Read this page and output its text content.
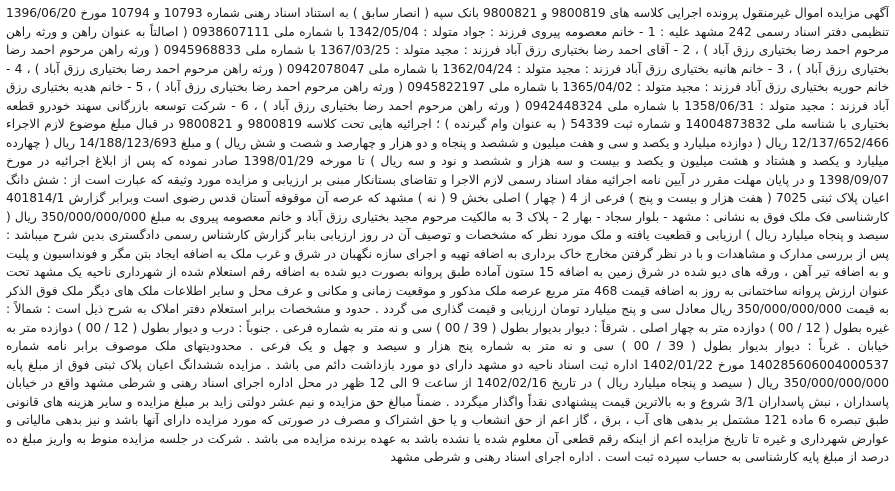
آگهی مزایده اموال غیرمنقول پرونده اجرایی کلاسه های 9800819 و 9800821 بانک سپه ( انصار سابق ) به استناد اسناد رهنی شماره 10793 و 10794 مورخ 1396/06/20 تنظیمی دفتر اسناد رسمی 242 مشهد علیه : 1 - خانم معصومه پیروی فرزند : جواد متولد : 1342/05/04 با شماره ملی 0938607111 ( اصالتاً به عنوان راهن و ورثه راهن مرحوم احمد رضا بختیاری رزق آباد ) ، 2 - آقای احمد رضا بختیاری رزق آباد فرزند : مجید متولد : 1367/03/25 با شماره ملی 0945968833 ( ورثه راهن مرحوم احمد رضا بختیاری رزق آباد ) ، 3 - خانم هانیه بختیاری رزق آباد فرزند : مجید متولد : 1362/04/24 با شماره ملی 0942078047 ( ورثه راهن مرحوم احمد رضا بختیاری رزق آباد ) ، 4 - خانم حوریه بختیاری رزق آباد فرزند : مجید متولد : 1365/04/02 با شماره ملی 0945822197 ( ورثه راهن مرحوم احمد رضا بختیاری رزق آباد ) ، 5 - خانم هدیه بختیاری رزق آباد فرزند : مجید متولد : 1358/06/31 با شماره ملی 0942448324 ( ورثه راهن مرحوم احمد رضا بختیاری رزق آباد ) ، 6 - شرکت توسعه بازرگانی سهند خودرو قطعه بختیاری با شناسه ملی 14004873832 و شماره ثبت 54339 ( به عنوان وام گیرنده ) ؛ اجرائیه هایی تحت کلاسه 9800819 و 9800821 در قبال مبلغ موضوع لازم الاجراء 12/137/652/466 ریال ( دوازده میلیارد و یکصد و سی و هفت میلیون و ششصد و پنجاه و دو هزار و چهارصد و شصت و شش ریال ) و مبلغ 14/188/123/693 ریال ( چهارده میلیارد و یکصد و هشتاد و هشت میلیون و یکصد و بیست و سه هزار و ششصد و نود و سه ریال ) تا مورخه 1398/01/29 صادر نموده که پس از ابلاغ اجرائیه در مورخ 1398/09/07 و در پایان مهلت مقرر در آیین نامه اجرائیه مفاد اسناد رسمی لازم الاجرا و تقاضای بستانکار مبنی بر ارزیابی و مزایده مورد وثیقه که عبارت است از : شش دانگ اعیان پلاک ثبتی 7025 ( هفت هزار و بیست و پنج ) فرعی از 4 ( چهار ) اصلی بخش 9 ( نه ) مشهد که عرصه آن موقوفه آستان قدس رضوی است وبرابر گزارش 401814/1 کارشناسی فک ملک فوق به نشانی : مشهد - بلوار سجاد - بهار 2 - پلاک 3 به مالکیت مرحوم مجید بختیاری رزق آباد و خانم معصومه پیروی به مبلغ 350/000/000/000 ریال ( سیصد و پنجاه میلیارد ریال ) ارزیابی و قطعیت یافته و ملک مورد نظر که مشخصات و توصیف آن در روز ارزیابی بنابر گزارش کارشناس رسمی دادگستری بدین شرح میباشد : پس از بررسی مدارک و مشاهدات و با در نظر گرفتن مخارج خاک برداری به اضافه تهیه و اجرای سازه نگهبان در شرق و غرب ملک به اضافه ایجاد بتن مگر و فونداسیون و پلیت و به اضافه تیر آهن ، ورقه های دیو شده در شرق زمین به اضافه 15 ستون آماده طبق پروانه بصورت دیو شده به اضافه رقم استعلام شده از شهرداری ناحیه یک مشهد تحت عنوان ارزش پروانه ساختمانی به روز به اضافه قیمت 468 متر مربع عرصه ملک مذکور و موقعیت زمانی و مکانی و عرف محل و سایر اطلاعات ملک های دیگر ملک فوق الذکر به قیمت 350/000/000/000 ریال معادل سی و پنج میلیارد تومان ارزیابی و قیمت گذاری می گردد . حدود و مشخصات برابر استعلام دفتر املاک به شرح ذیل است : شمالاً : غیره بطول ( 12 / 00 ) دوازده متر به چهار اصلی . شرقاً : دیوار بدیوار بطول ( 39 / 00 ) سی و نه متر به شماره فرعی . جنوباً : درب و دیوار بطول ( 12 / 00 ) دوازده متر به خیابان . غرباً : دیوار بدیوار بطول ( 39 / 00 ) سی و نه متر به شماره پنج هزار و سیصد و چهل و یک فرعی . محدودیتهای ملک موصوف برابر نامه شماره 140285606004000537 مورخ 1402/01/22 اداره ثبت اسناد ناحیه دو مشهد دارای دو مورد بازداشت دائم می باشد . مزایده ششدانگ اعیان پلاک ثبتی فوق از مبلغ پایه 350/000/000/000 ریال ( سیصد و پنجاه میلیارد ریال ) در تاریخ 1402/02/16 از ساعت 9 الی 12 ظهر در محل اداره اجرای اسناد رهنی و شرطی مشهد واقع در خیابان پاسداران ، نبش پاسداران 3/1 شروع و به بالاترین قیمت پیشنهادی نقداً واگذار میگردد . ضمناً مبالغ حق مزایده و نیم عشر دولتی زاید بر مبلغ مزایده و سایر هزینه های قانونی طبق تبصره 6 ماده 121 مشتمل بر بدهی های آب ، برق ، گاز اعم از حق انشعاب و یا حق اشتراک و مصرف در صورتی که مورد مزایده دارای آنها باشد و نیز بدهی مالیاتی و عوارض شهرداری و غیره تا تاریخ مزایده اعم از اینکه رقم قطعی آن معلوم شده یا نشده باشد به عهده برنده مزایده می باشد . شرکت در جلسه مزایده منوط به واریز مبلغ ده درصد از مبلغ پایه کارشناسی به حساب سپرده ثبت است . اداره اجرای اسناد رهنی و شرطی مشهد
